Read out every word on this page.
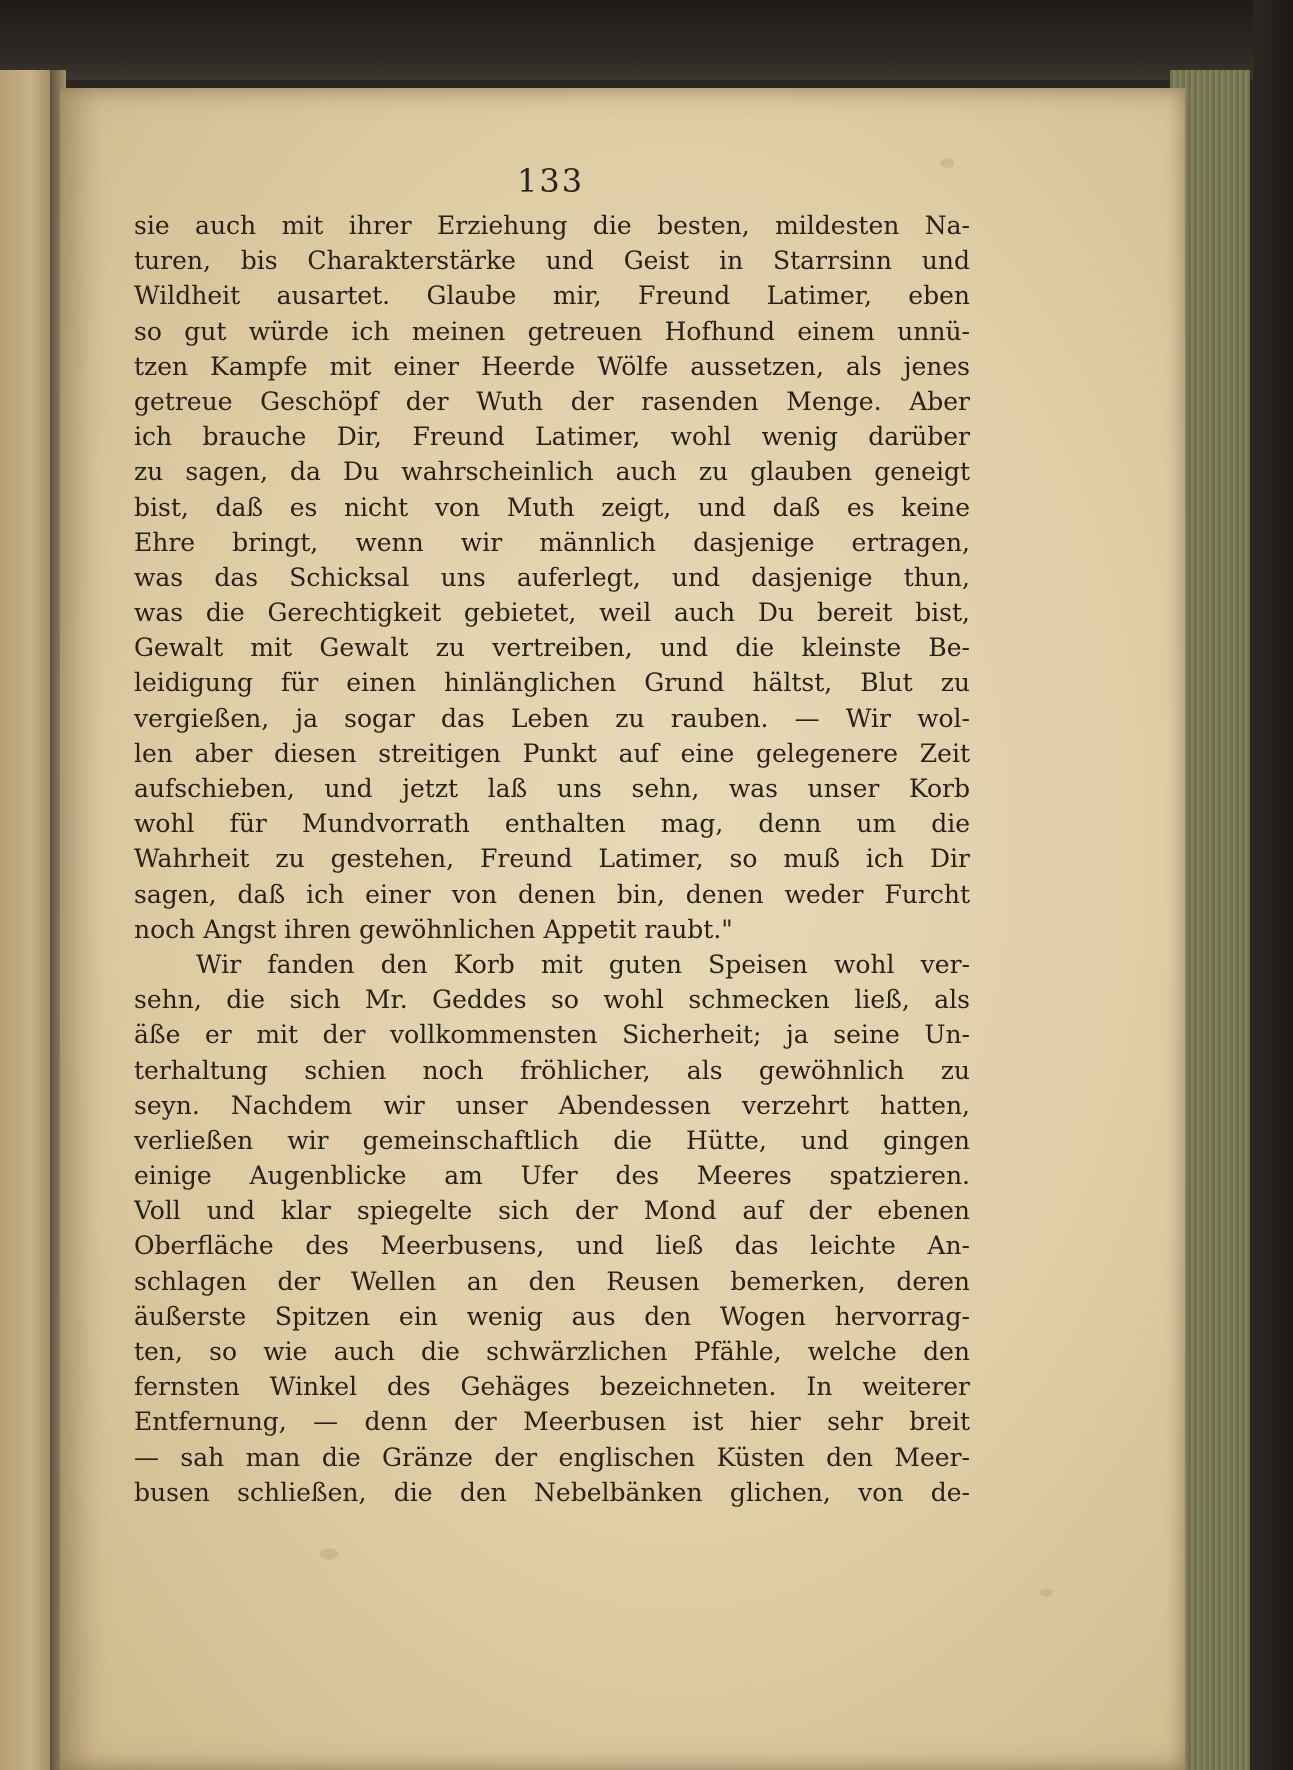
133
sie auch mit ihrer Erziehung die besten, mildesten Na-
turen, bis Charakterstärke und Geist in Starrsinn und
Wildheit ausartet. Glaube mir, Freund Latimer, eben
so gut würde ich meinen getreuen Hofhund einem unnü-
tzen Kampfe mit einer Heerde Wölfe aussetzen, als jenes
getreue Geschöpf der Wuth der rasenden Menge. Aber
ich brauche Dir, Freund Latimer, wohl wenig darüber
zu sagen, da Du wahrscheinlich auch zu glauben geneigt
bist, daß es nicht von Muth zeigt, und daß es keine
Ehre bringt, wenn wir männlich dasjenige ertragen,
was das Schicksal uns auferlegt, und dasjenige thun,
was die Gerechtigkeit gebietet, weil auch Du bereit bist,
Gewalt mit Gewalt zu vertreiben, und die kleinste Be-
leidigung für einen hinlänglichen Grund hältst, Blut zu
vergießen, ja sogar das Leben zu rauben. — Wir wol-
len aber diesen streitigen Punkt auf eine gelegenere Zeit
aufschieben, und jetzt laß uns sehn, was unser Korb
wohl für Mundvorrath enthalten mag, denn um die
Wahrheit zu gestehen, Freund Latimer, so muß ich Dir
sagen, daß ich einer von denen bin, denen weder Furcht
noch Angst ihren gewöhnlichen Appetit raubt."
Wir fanden den Korb mit guten Speisen wohl ver-
sehn, die sich Mr. Geddes so wohl schmecken ließ, als
äße er mit der vollkommensten Sicherheit; ja seine Un-
terhaltung schien noch fröhlicher, als gewöhnlich zu
seyn. Nachdem wir unser Abendessen verzehrt hatten,
verließen wir gemeinschaftlich die Hütte, und gingen
einige Augenblicke am Ufer des Meeres spatzieren.
Voll und klar spiegelte sich der Mond auf der ebenen
Oberfläche des Meerbusens, und ließ das leichte An-
schlagen der Wellen an den Reusen bemerken, deren
äußerste Spitzen ein wenig aus den Wogen hervorrag-
ten, so wie auch die schwärzlichen Pfähle, welche den
fernsten Winkel des Gehäges bezeichneten. In weiterer
Entfernung, — denn der Meerbusen ist hier sehr breit
— sah man die Gränze der englischen Küsten den Meer-
busen schließen, die den Nebelbänken glichen, von de-
